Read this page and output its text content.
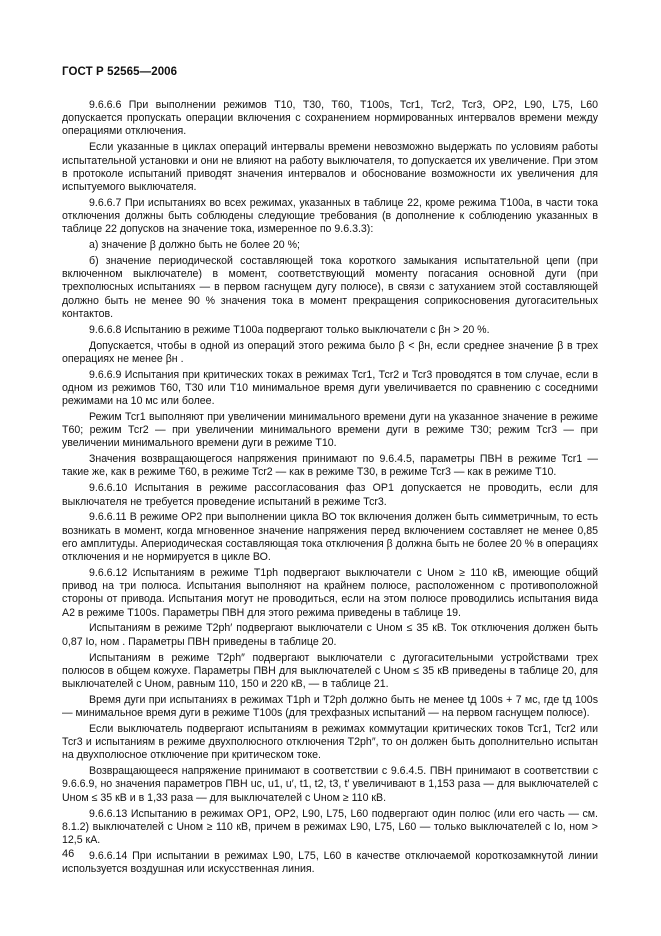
ГОСТ Р 52565—2006

9.6.6.6 При выполнении режимов Т10, Т30, Т60, Т100s, Тсr1, Тсr2, Тсr3, ОР2, L90, L75, L60 допускается пропускать операции включения с сохранением нормированных интервалов времени между операциями отключения.

Если указанные в циклах операций интервалы времени невозможно выдержать по условиям работы испытательной установки и они не влияют на работу выключателя, то допускается их увеличение. При этом в протоколе испытаний приводят значения интервалов и обоснование возможности их увеличения для испытуемого выключателя.

9.6.6.7 При испытаниях во всех режимах, указанных в таблице 22, кроме режима Т100а, в части тока отключения должны быть соблюдены следующие требования (в дополнение к соблюдению указанных в таблице 22 допусков на значение тока, измеренное по 9.6.3.3):

а) значение β должно быть не более 20 %;

б) значение периодической составляющей тока короткого замыкания испытательной цепи (при включенном выключателе) в момент, соответствующий моменту погасания основной дуги (при трехполюсных испытаниях — в первом гаснущем дугу полюсе), в связи с затуханием этой составляющей должно быть не менее 90 % значения тока в момент прекращения соприкосновения дугогасительных контактов.

9.6.6.8 Испытанию в режиме Т100а подвергают только выключатели с βн > 20 %.

Допускается, чтобы в одной из операций этого режима было β < βн, если среднее значение β в трех операциях не менее βн .

9.6.6.9 Испытания при критических токах в режимах Тсr1, Тсr2 и Тсr3 проводятся в том случае, если в одном из режимов Т60, Т30 или Т10 минимальное время дуги увеличивается по сравнению с соседними режимами на 10 мс или более.

Режим Тсr1 выполняют при увеличении минимального времени дуги на указанное значение в режиме Т60; режим Тсr2 — при увеличении минимального времени дуги в режиме Т30; режим Тсr3 — при увеличении минимального времени дуги в режиме Т10.

Значения возвращающегося напряжения принимают по 9.6.4.5, параметры ПВН в режиме Тсr1 — такие же, как в режиме Т60, в режиме Тсr2 — как в режиме Т30, в режиме Тсr3 — как в режиме Т10.

9.6.6.10 Испытания в режиме рассогласования фаз ОР1 допускается не проводить, если для выключателя не требуется проведение испытаний в режиме Тсr3.

9.6.6.11 В режиме ОР2 при выполнении цикла ВО ток включения должен быть симметричным, то есть возникать в момент, когда мгновенное значение напряжения перед включением составляет не менее 0,85 его амплитуды. Апериодическая составляющая тока отключения β должна быть не более 20 % в операциях отключения и не нормируется в цикле ВО.

9.6.6.12 Испытаниям в режиме Т1ph подвергают выключатели с Uном ≥ 110 кВ, имеющие общий привод на три полюса. Испытания выполняют на крайнем полюсе, расположенном с противоположной стороны от привода. Испытания могут не проводиться, если на этом полюсе проводились испытания вида А2 в режиме Т100s. Параметры ПВН для этого режима приведены в таблице 19.

Испытаниям в режиме Т2ph′ подвергают выключатели с Uном ≤ 35 кВ. Ток отключения должен быть 0,87 Iо, ном . Параметры ПВН приведены в таблице 20.

Испытаниям в режиме Т2ph″ подвергают выключатели с дугогасительными устройствами трех полюсов в общем кожухе. Параметры ПВН для выключателей с Uном ≤ 35 кВ приведены в таблице 20, для выключателей с Uном, равным 110, 150 и 220 кВ, — в таблице 21.

Время дуги при испытаниях в режимах Т1ph и Т2ph должно быть не менее tд 100s + 7 мс, где tд 100s — минимальное время дуги в режиме Т100s (для трехфазных испытаний — на первом гаснущем полюсе).

Если выключатель подвергают испытаниям в режимах коммутации критических токов Тсr1, Тсr2 или Тсr3 и испытаниям в режиме двухполюсного отключения Т2ph″, то он должен быть дополнительно испытан на двухполюсное отключение при критическом токе.

Возвращающееся напряжение принимают в соответствии с 9.6.4.5. ПВН принимают в соответствии с 9.6.6.9, но значения параметров ПВН uс, u1, u′, t1, t2, t3, t′ увеличивают в 1,153 раза — для выключателей с Uном ≤ 35 кВ и в 1,33 раза — для выключателей с Uном ≥ 110 кВ.

9.6.6.13 Испытанию в режимах ОР1, ОР2, L90, L75, L60 подвергают один полюс (или его часть — см. 8.1.2) выключателей с Uном ≥ 110 кВ, причем в режимах L90, L75, L60 — только выключателей с Iо, ном > 12,5 кА.

9.6.6.14 При испытании в режимах L90, L75, L60 в качестве отключаемой короткозамкнутой линии используется воздушная или искусственная линия.

46
